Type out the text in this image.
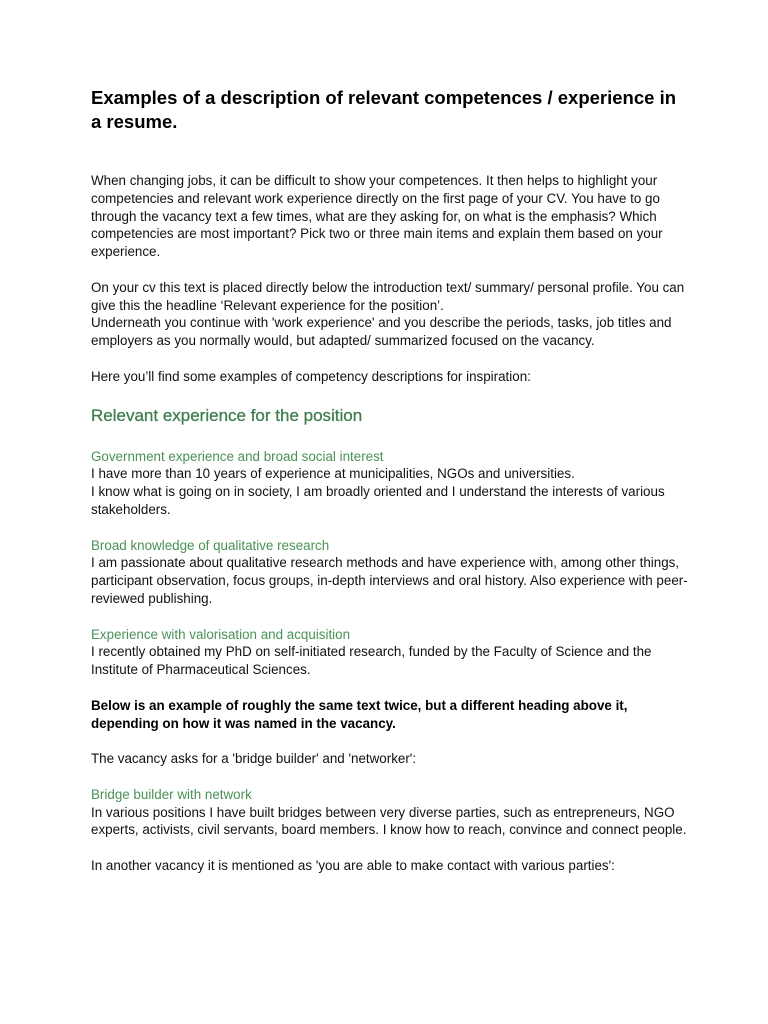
Examples of a description of relevant competences / experience in a resume.

When changing jobs, it can be difficult to show your competences. It then helps to highlight your competencies and relevant work experience directly on the first page of your CV. You have to go through the vacancy text a few times, what are they asking for, on what is the emphasis? Which competencies are most important? Pick two or three main items and explain them based on your experience.

On your cv this text is placed directly below the introduction text/ summary/ personal profile. You can give this the headline ‘Relevant experience for the position’.

Underneath you continue with 'work experience' and you describe the periods, tasks, job titles and employers as you normally would, but adapted/ summarized focused on the vacancy.

Here you’ll find some examples of competency descriptions for inspiration:

Relevant experience for the position
Government experience and broad social interest

I have more than 10 years of experience at municipalities, NGOs and universities.

I know what is going on in society, I am broadly oriented and I understand the interests of various stakeholders.

Broad knowledge of qualitative research

I am passionate about qualitative research methods and have experience with, among other things, participant observation, focus groups, in-depth interviews and oral history. Also experience with peer-reviewed publishing.

Experience with valorisation and acquisition

I recently obtained my PhD on self-initiated research, funded by the Faculty of Science and the Institute of Pharmaceutical Sciences.

Below is an example of roughly the same text twice, but a different heading above it, depending on how it was named in the vacancy.

The vacancy asks for a 'bridge builder' and 'networker':

Bridge builder with network

In various positions I have built bridges between very diverse parties, such as entrepreneurs, NGO experts, activists, civil servants, board members. I know how to reach, convince and connect people.

In another vacancy it is mentioned as 'you are able to make contact with various parties':
